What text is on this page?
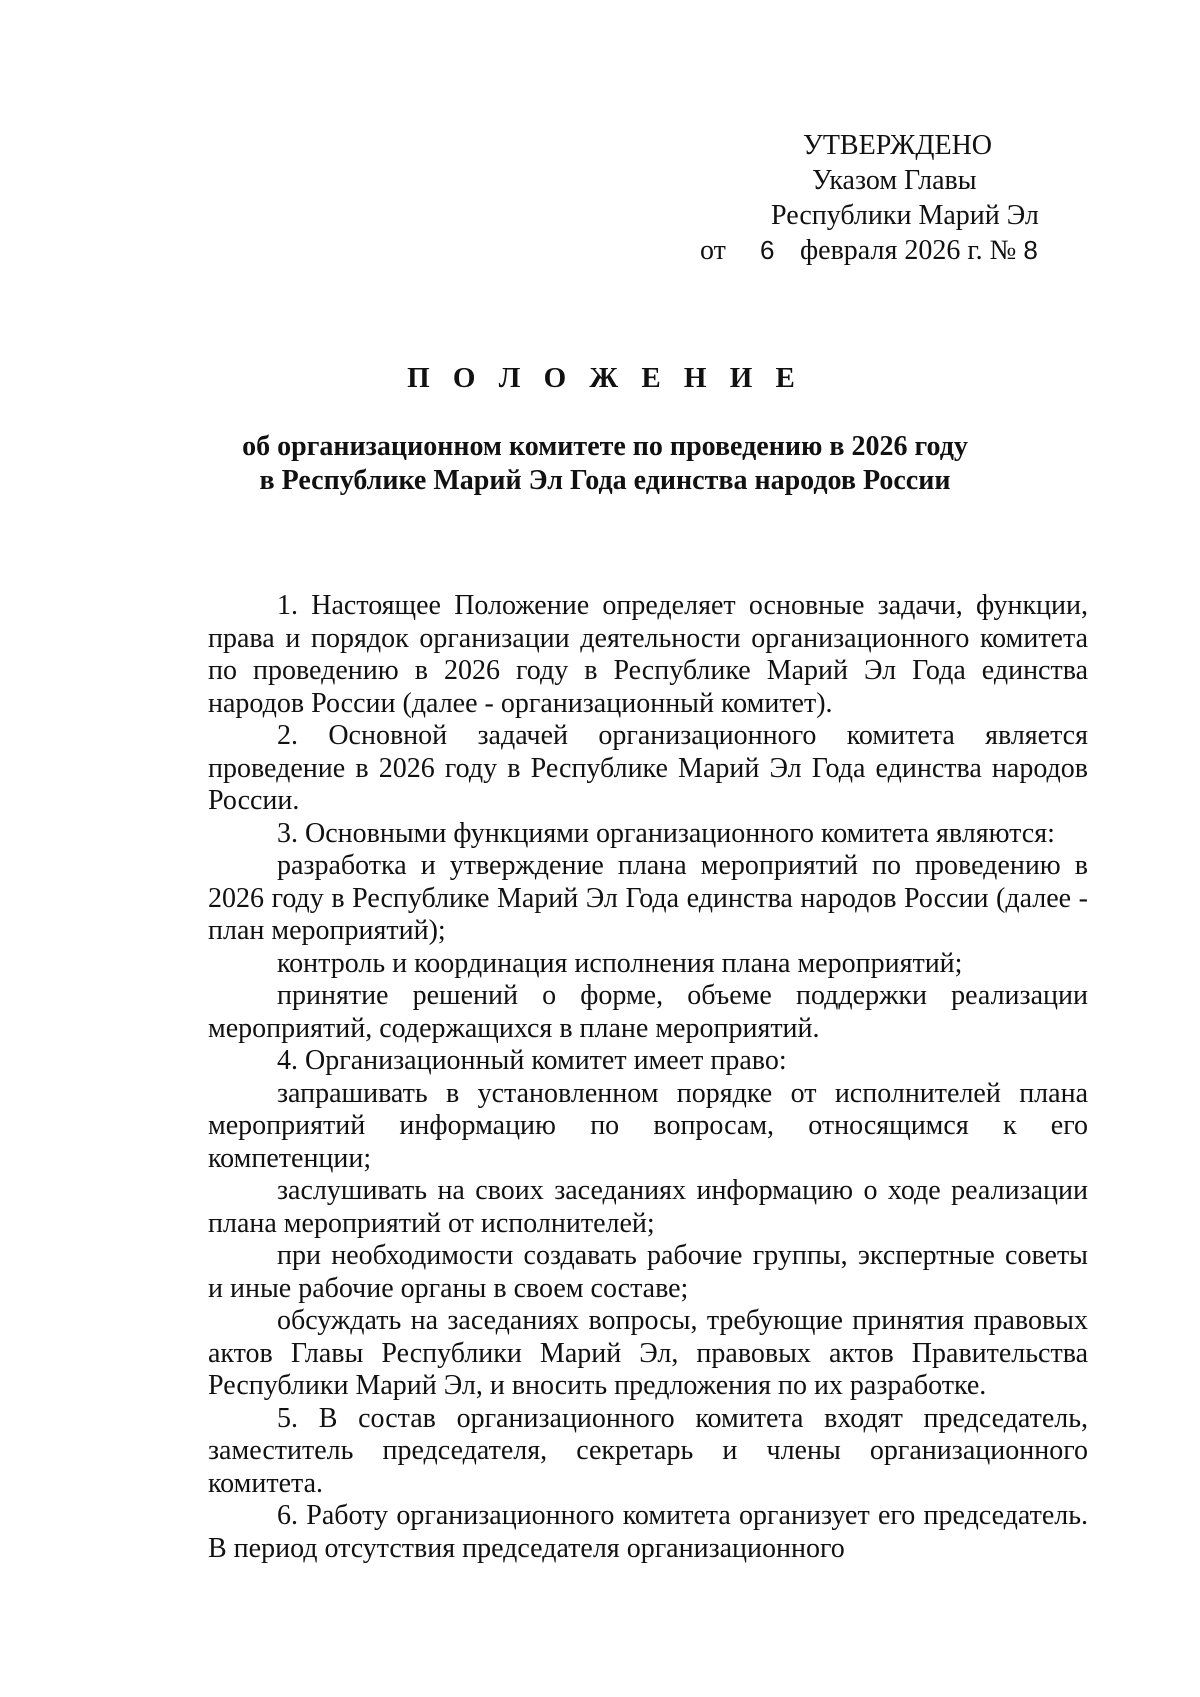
УТВЕРЖДЕНО
Указом Главы
Республики Марий Эл
от 6 февраля 2026 г. № 8
П О Л О Ж Е Н И Е
об организационном комитете по проведению в 2026 году
в Республике Марий Эл Года единства народов России

1. Настоящее Положение определяет основные задачи, функции, права и порядок организации деятельности организационного комитета по проведению в 2026 году в Республике Марий Эл Года единства народов России (далее - организационный комитет).

2. Основной задачей организационного комитета является проведение в 2026 году в Республике Марий Эл Года единства народов России.

3. Основными функциями организационного комитета являются:

разработка и утверждение плана мероприятий по проведению в 2026 году в Республике Марий Эл Года единства народов России (далее - план мероприятий);

контроль и координация исполнения плана мероприятий;

принятие решений о форме, объеме поддержки реализации мероприятий, содержащихся в плане мероприятий.

4. Организационный комитет имеет право:

запрашивать в установленном порядке от исполнителей плана мероприятий информацию по вопросам, относящимся к его компетенции;

заслушивать на своих заседаниях информацию о ходе реализации плана мероприятий от исполнителей;

при необходимости создавать рабочие группы, экспертные советы и иные рабочие органы в своем составе;

обсуждать на заседаниях вопросы, требующие принятия правовых актов Главы Республики Марий Эл, правовых актов Правительства Республики Марий Эл, и вносить предложения по их разработке.

5. В состав организационного комитета входят председатель, заместитель председателя, секретарь и члены организационного комитета.

6. Работу организационного комитета организует его председатель. В период отсутствия председателя организационного
